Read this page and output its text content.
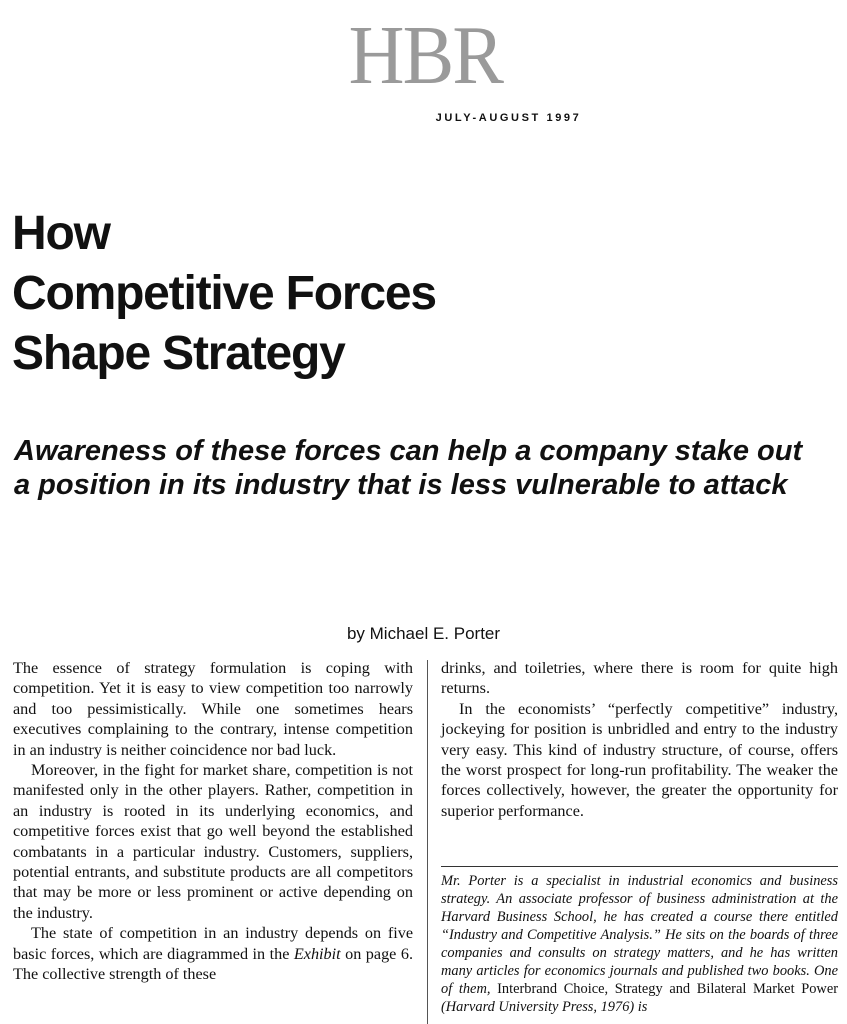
HBR
JULY-AUGUST 1997
How
Competitive Forces
Shape Strategy
Awareness of these forces can help a company stake out
a position in its industry that is less vulnerable to attack
by Michael E. Porter

The essence of strategy formulation is coping with competition. Yet it is easy to view competition too narrowly and too pessimistically. While one sometimes hears executives complaining to the contrary, intense competition in an industry is neither coincidence nor bad luck.

Moreover, in the fight for market share, competition is not manifested only in the other players. Rather, competition in an industry is rooted in its underlying economics, and competitive forces exist that go well beyond the established combatants in a particular industry. Customers, suppliers, potential entrants, and substitute products are all competitors that may be more or less prominent or active depending on the industry.

The state of competition in an industry depends on five basic forces, which are diagrammed in the Exhibit on page 6. The collective strength of these

drinks, and toiletries, where there is room for quite high returns.

In the economists’ “perfectly competitive” industry, jockeying for position is unbridled and entry to the industry very easy. This kind of industry structure, of course, offers the worst prospect for long-run profitability. The weaker the forces collectively, however, the greater the opportunity for superior performance.

Mr. Porter is a specialist in industrial economics and business strategy. An associate professor of business administration at the Harvard Business School, he has created a course there entitled “Industry and Competitive Analysis.” He sits on the boards of three companies and consults on strategy matters, and he has written many articles for economics journals and published two books. One of them, Interbrand Choice, Strategy and Bilateral Market Power (Harvard University Press, 1976) is
